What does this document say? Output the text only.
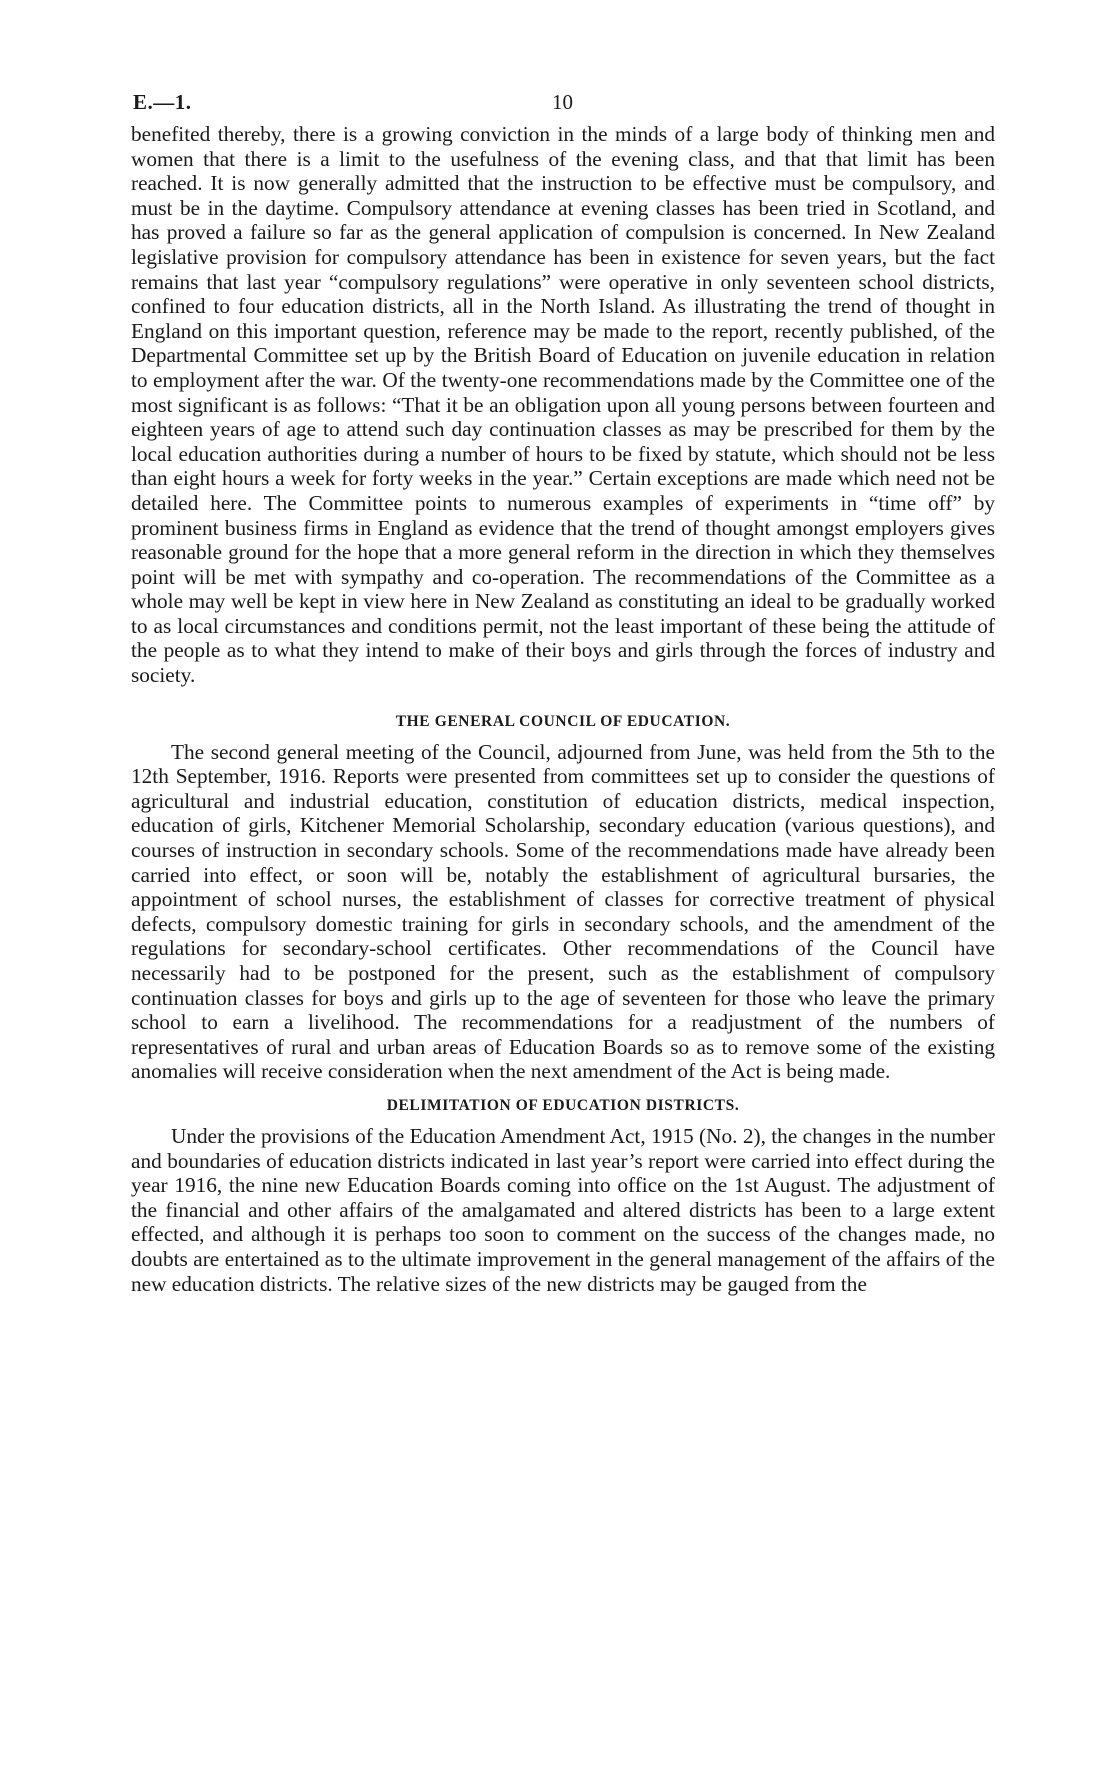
E.—1.	10

benefited thereby, there is a growing conviction in the minds of a large body of thinking men and women that there is a limit to the usefulness of the evening class, and that that limit has been reached. It is now generally admitted that the instruction to be effective must be compulsory, and must be in the daytime. Compulsory attendance at evening classes has been tried in Scotland, and has proved a failure so far as the general application of compulsion is concerned. In New Zealand legislative provision for compulsory attendance has been in existence for seven years, but the fact remains that last year “compulsory regulations” were operative in only seventeen school districts, confined to four education districts, all in the North Island. As illustrating the trend of thought in England on this important question, reference may be made to the report, recently published, of the Departmental Committee set up by the British Board of Education on juvenile education in relation to employment after the war. Of the twenty-one recommendations made by the Committee one of the most significant is as follows: “That it be an obligation upon all young persons between fourteen and eighteen years of age to attend such day continuation classes as may be prescribed for them by the local education authorities during a number of hours to be fixed by statute, which should not be less than eight hours a week for forty weeks in the year.” Certain exceptions are made which need not be detailed here. The Committee points to numerous examples of experiments in “time off” by prominent business firms in England as evidence that the trend of thought amongst employers gives reasonable ground for the hope that a more general reform in the direction in which they themselves point will be met with sympathy and co-operation. The recommendations of the Committee as a whole may well be kept in view here in New Zealand as constituting an ideal to be gradually worked to as local circumstances and conditions permit, not the least important of these being the attitude of the people as to what they intend to make of their boys and girls through the forces of industry and society.

THE GENERAL COUNCIL OF EDUCATION.

The second general meeting of the Council, adjourned from June, was held from the 5th to the 12th September, 1916. Reports were presented from committees set up to consider the questions of agricultural and industrial education, constitution of education districts, medical inspection, education of girls, Kitchener Memorial Scholarship, secondary education (various questions), and courses of instruction in secondary schools. Some of the recommendations made have already been carried into effect, or soon will be, notably the establishment of agricultural bursaries, the appointment of school nurses, the establishment of classes for corrective treatment of physical defects, compulsory domestic training for girls in secondary schools, and the amendment of the regulations for secondary-school certificates. Other recommendations of the Council have necessarily had to be postponed for the present, such as the establishment of compulsory continuation classes for boys and girls up to the age of seventeen for those who leave the primary school to earn a livelihood. The recommendations for a readjustment of the numbers of representatives of rural and urban areas of Education Boards so as to remove some of the existing anomalies will receive consideration when the next amendment of the Act is being made.

DELIMITATION OF EDUCATION DISTRICTS.

Under the provisions of the Education Amendment Act, 1915 (No. 2), the changes in the number and boundaries of education districts indicated in last year’s report were carried into effect during the year 1916, the nine new Education Boards coming into office on the 1st August. The adjustment of the financial and other affairs of the amalgamated and altered districts has been to a large extent effected, and although it is perhaps too soon to comment on the success of the changes made, no doubts are entertained as to the ultimate improvement in the general management of the affairs of the new education districts. The relative sizes of the new districts may be gauged from the
